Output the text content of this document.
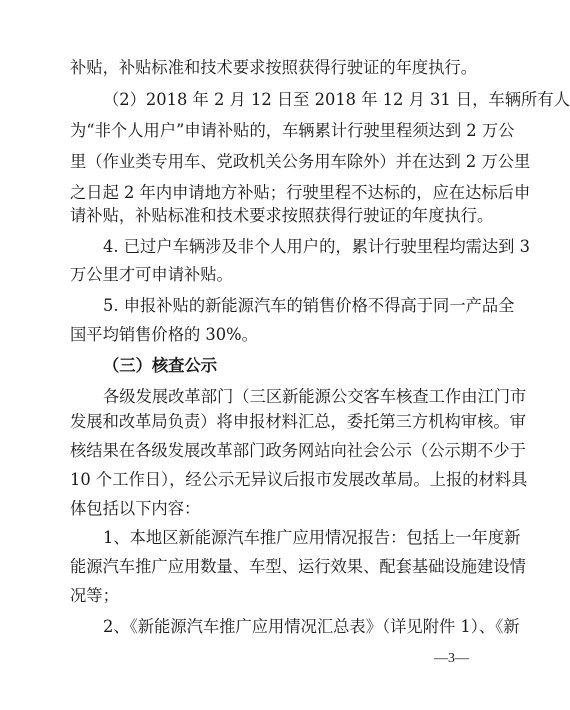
补贴，补贴标准和技术要求按照获得行驶证的年度执行。
（2）2018 年 2 月 12 日至 2018 年 12 月 31 日，车辆所有人
为“非个人用户”申请补贴的，车辆累计行驶里程须达到 2 万公
里（作业类专用车、党政机关公务用车除外）并在达到 2 万公里
之日起 2 年内申请地方补贴；行驶里程不达标的，应在达标后申
请补贴，补贴标准和技术要求按照获得行驶证的年度执行。
4. 已过户车辆涉及非个人用户的，累计行驶里程均需达到 3
万公里才可申请补贴。
5. 申报补贴的新能源汽车的销售价格不得高于同一产品全
国平均销售价格的 30%。
（三）核查公示
各级发展改革部门（三区新能源公交客车核查工作由江门市
发展和改革局负责）将申报材料汇总，委托第三方机构审核。审
核结果在各级发展改革部门政务网站向社会公示（公示期不少于
10 个工作日），经公示无异议后报市发展改革局。上报的材料具
体包括以下内容：
1、本地区新能源汽车推广应用情况报告：包括上一年度新
能源汽车推广应用数量、车型、运行效果、配套基础设施建设情
况等；
2、《新能源汽车推广应用情况汇总表》（详见附件 1）、《新
—3—
